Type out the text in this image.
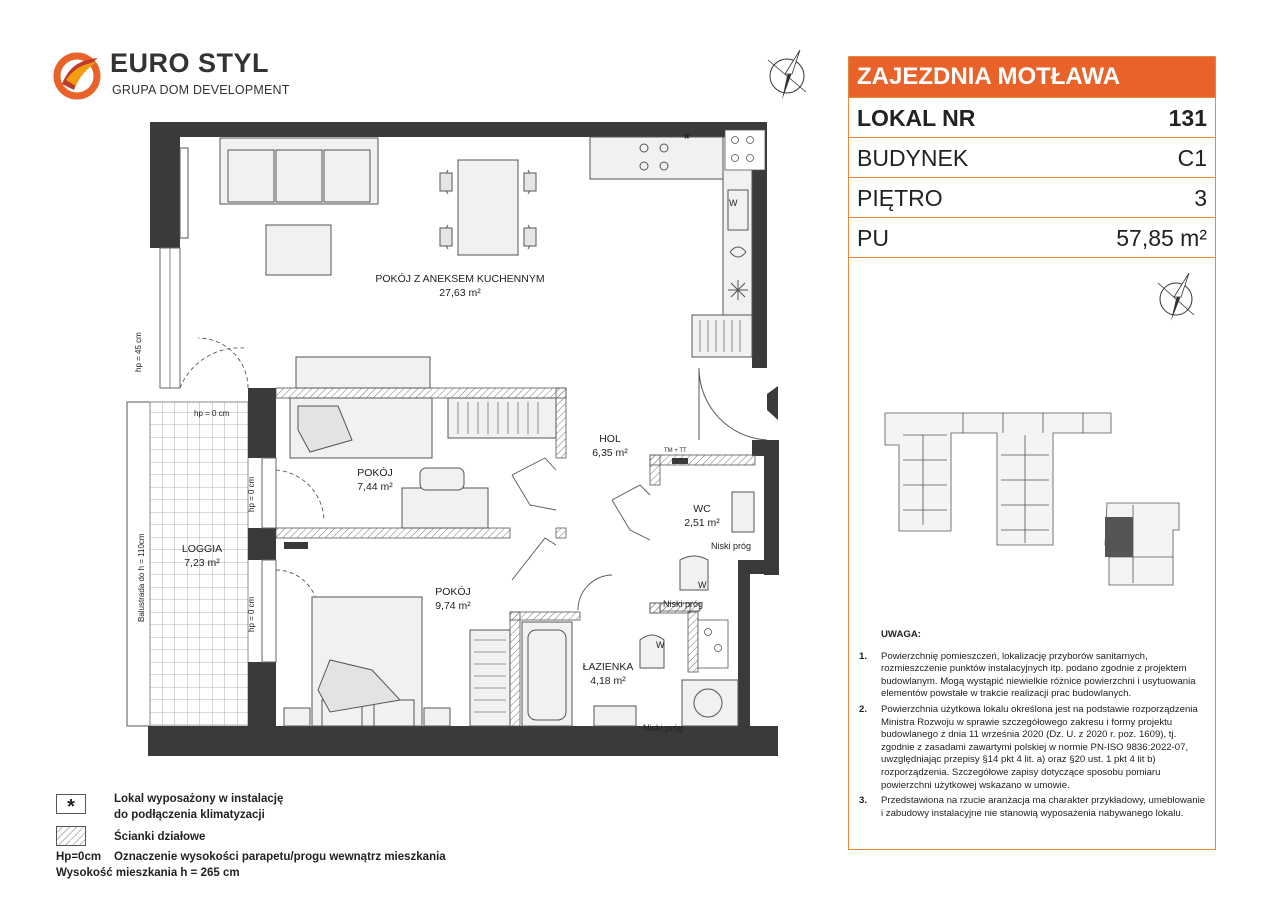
EURO STYL
GRUPA DOM DEVELOPMENT
POKÓJ Z ANEKSEM KUCHENNYM
27,63 m²
HOL
6,35 m²
POKÓJ
7,44 m²
POKÓJ
9,74 m²
LOGGIA
7,23 m²
WC
2,51 m²
ŁAZIENKA
4,18 m²
hp = 45 cm
hp = 0 cm
hp = 0 cm
hp = 0 cm
Balustrada do h = 110cm
TM + TT
Niski próg
Niski próg
Niski próg
W
W
W
*
ZAJEZDNIA MOTŁAWA
LOKAL NR	131
BUDYNEK	C1
PIĘTRO	3
PU	57,85 m²
UWAGA:
1.	Powierzchnię pomieszczeń, lokalizację przyborów sanitarnych, rozmieszczenie punktów instalacyjnych itp. podano zgodnie z projektem budowlanym. Mogą wystąpić niewielkie różnice powierzchni i usytuowania elementów powstałe w trakcie realizacji prac budowlanych.
2.	Powierzchnia użytkowa lokalu określona jest na podstawie rozporządzenia Ministra Rozwoju w sprawie szczegółowego zakresu i formy projektu budowlanego z dnia 11 września 2020 (Dz. U. z 2020 r. poz. 1609), tj. zgodnie z zasadami zawartymi polskiej w normie PN-ISO 9836:2022-07, uwzględniając przepisy §14 pkt 4 lit. a) oraz §20 ust. 1 pkt 4 lit b) rozporządzenia. Szczegółowe zapisy dotyczące sposobu pomiaru powierzchni użytkowej wskazano w umowie.
3.	Przedstawiona na rzucie aranżacja ma charakter przykładowy, umeblowanie i zabudowy instalacyjne nie stanowią wyposażenia nabywanego lokalu.
*	Lokal wyposażony w instalację
do podłączenia klimatyzacji
Ścianki działowe
Hp=0cm Oznaczenie wysokości parapetu/progu wewnątrz mieszkania
Wysokość mieszkania h = 265 cm
